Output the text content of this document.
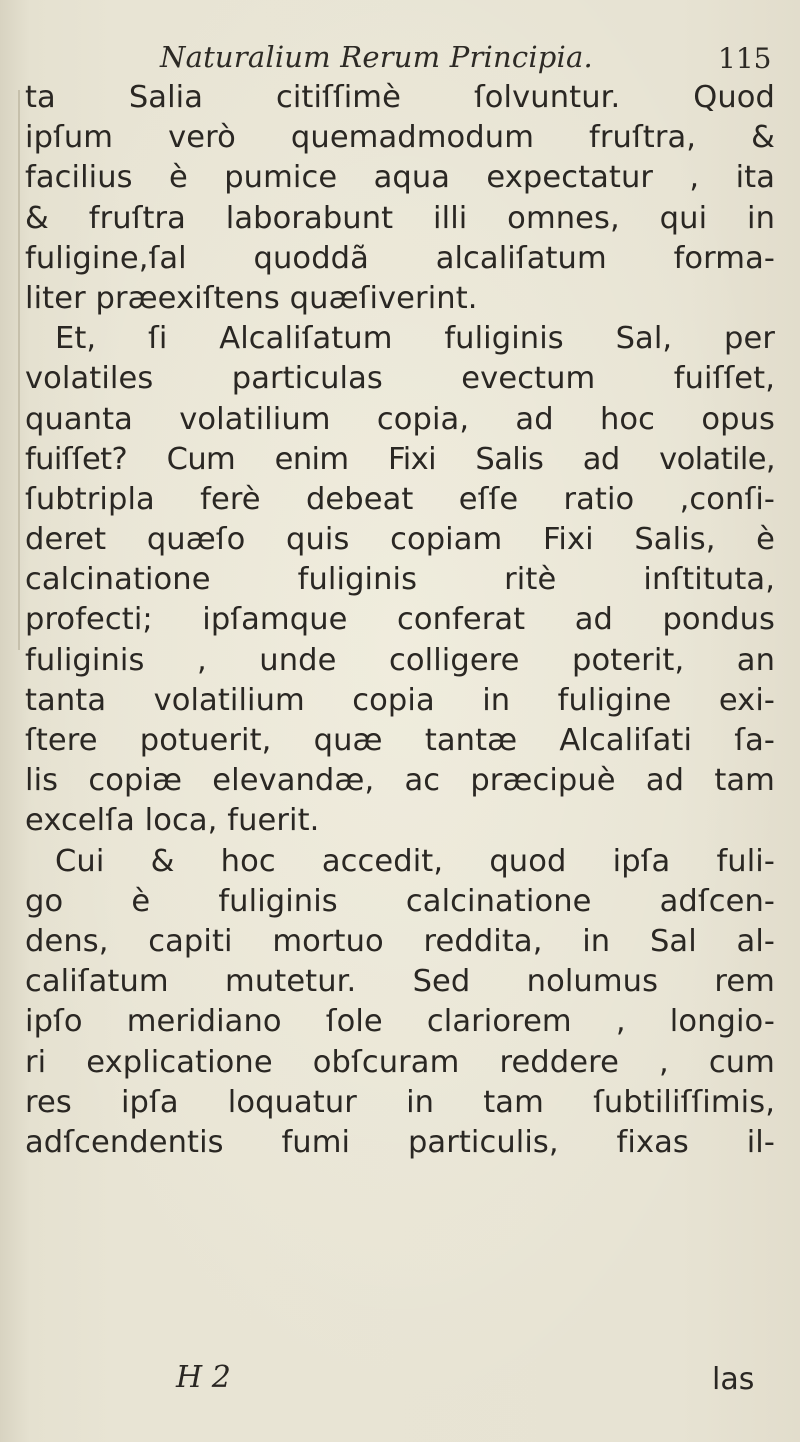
Naturalium Rerum Principia.	115
ta Salia citiſſimè ſolvuntur. Quod
ipſum verò quemadmodum fruſtra, &
facilius è pumice aqua expectatur , ita
& fruſtra laborabunt illi omnes, qui in
fuligine,ſal quoddã alcaliſatum forma-
liter præexiſtens quæſiverint.
Et, ſi Alcaliſatum fuliginis Sal, per
volatiles particulas evectum fuiſſet,
quanta volatilium copia, ad hoc opus
fuiſſet? Cum enim Fixi Salis ad volatile,
ſubtripla ferè debeat eſſe ratio ,conſi-
deret quæſo quis copiam Fixi Salis, è
calcinatione fuliginis ritè inſtituta,
profecti; ipſamque conferat ad pondus
fuliginis , unde colligere poterit, an
tanta volatilium copia in fuligine exi-
ſtere potuerit, quæ tantæ Alcaliſati ſa-
lis copiæ elevandæ, ac præcipuè ad tam
excelſa loca, fuerit.
Cui & hoc accedit, quod ipſa fuli-
go è fuliginis calcinatione adſcen-
dens, capiti mortuo reddita, in Sal al-
caliſatum mutetur. Sed nolumus rem
ipſo meridiano ſole clariorem , longio-
ri explicatione obſcuram reddere , cum
res ipſa loquatur in tam ſubtiliſſimis,
adſcendentis fumi particulis, fixas il-
H 2	las
